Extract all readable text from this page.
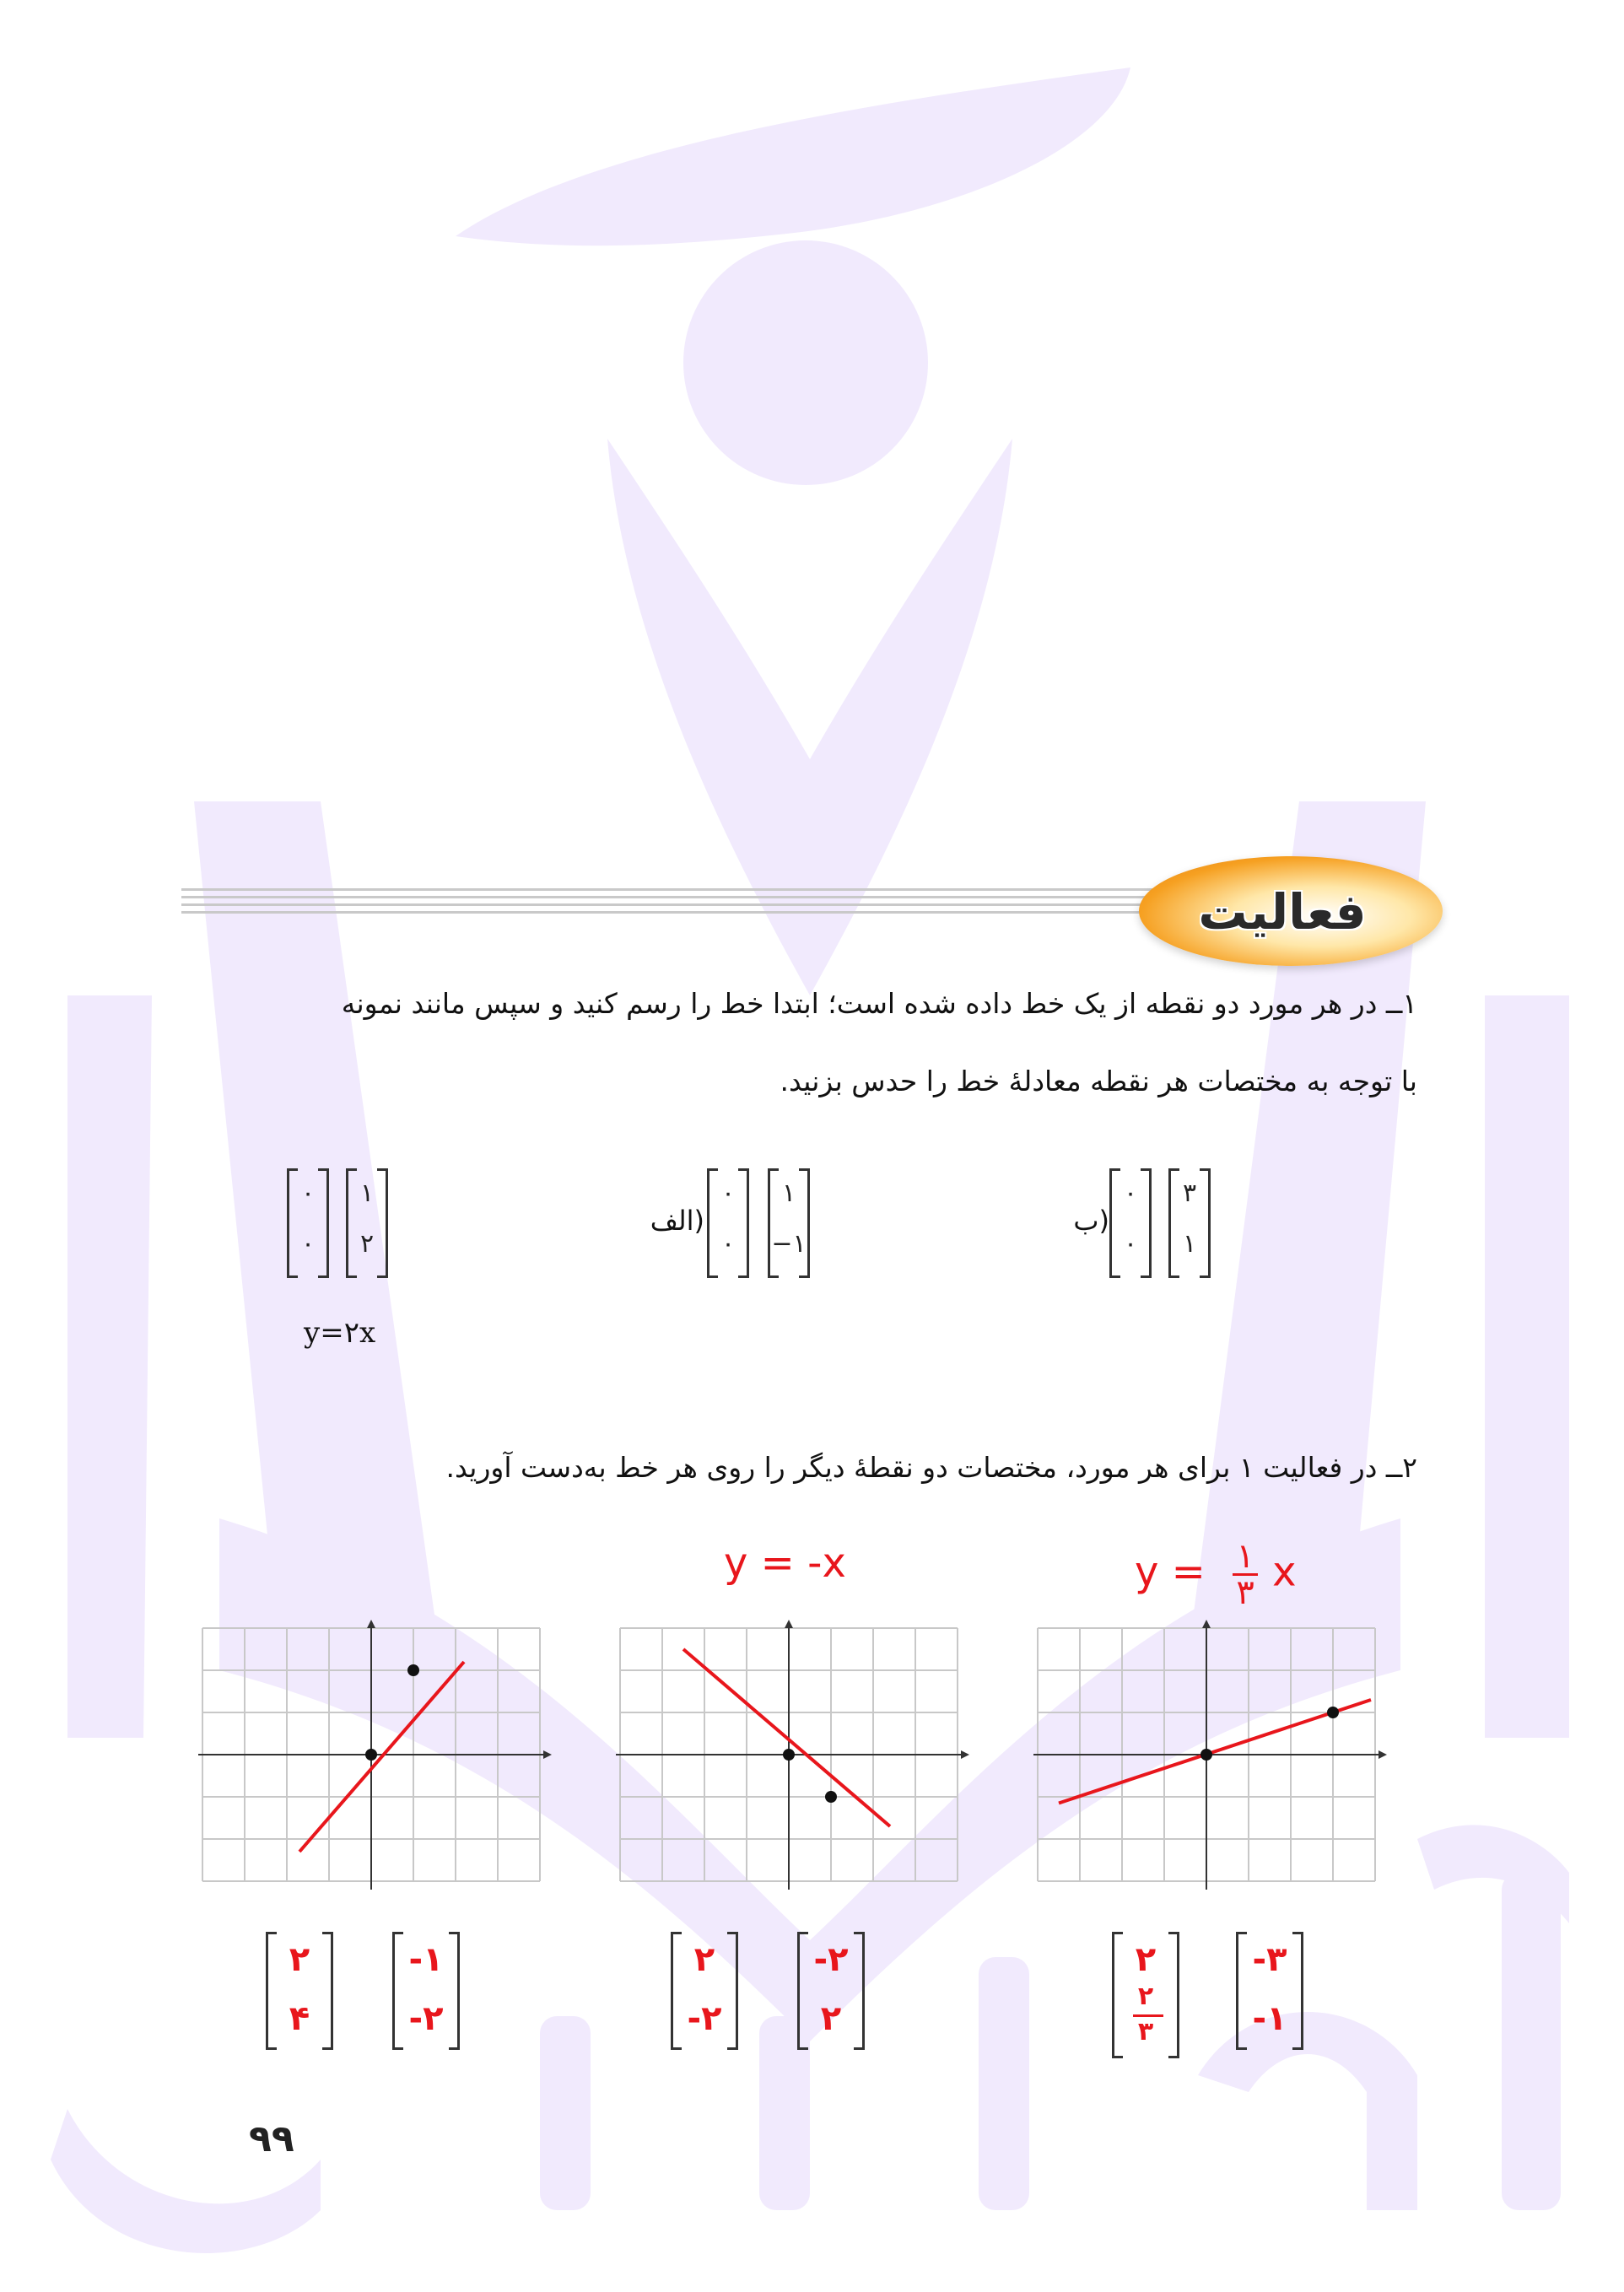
فعالیت
۱ــ در هر مورد دو نقطه از یک خط داده شده است؛ ابتدا خط را رسم کنید و سپس مانند نمونه
با توجه به مختصات هر نقطه معادلهٔ خط را حدس بزنید.
۰
۰
۱
۲
y=۲x
۰
۰
۱
−۱
(الف
۰
۰
۳
۱
(ب
۲ــ در فعالیت ۱ برای هر مورد، مختصات دو نقطهٔ دیگر را روی هر خط به‌دست آورید.
y = -x	y = ۱
۳ x
۲
۴
-۱
-۲
۲
-۲
-۲
۲
۲
۲
۳
-۳
-۱
۹۹
